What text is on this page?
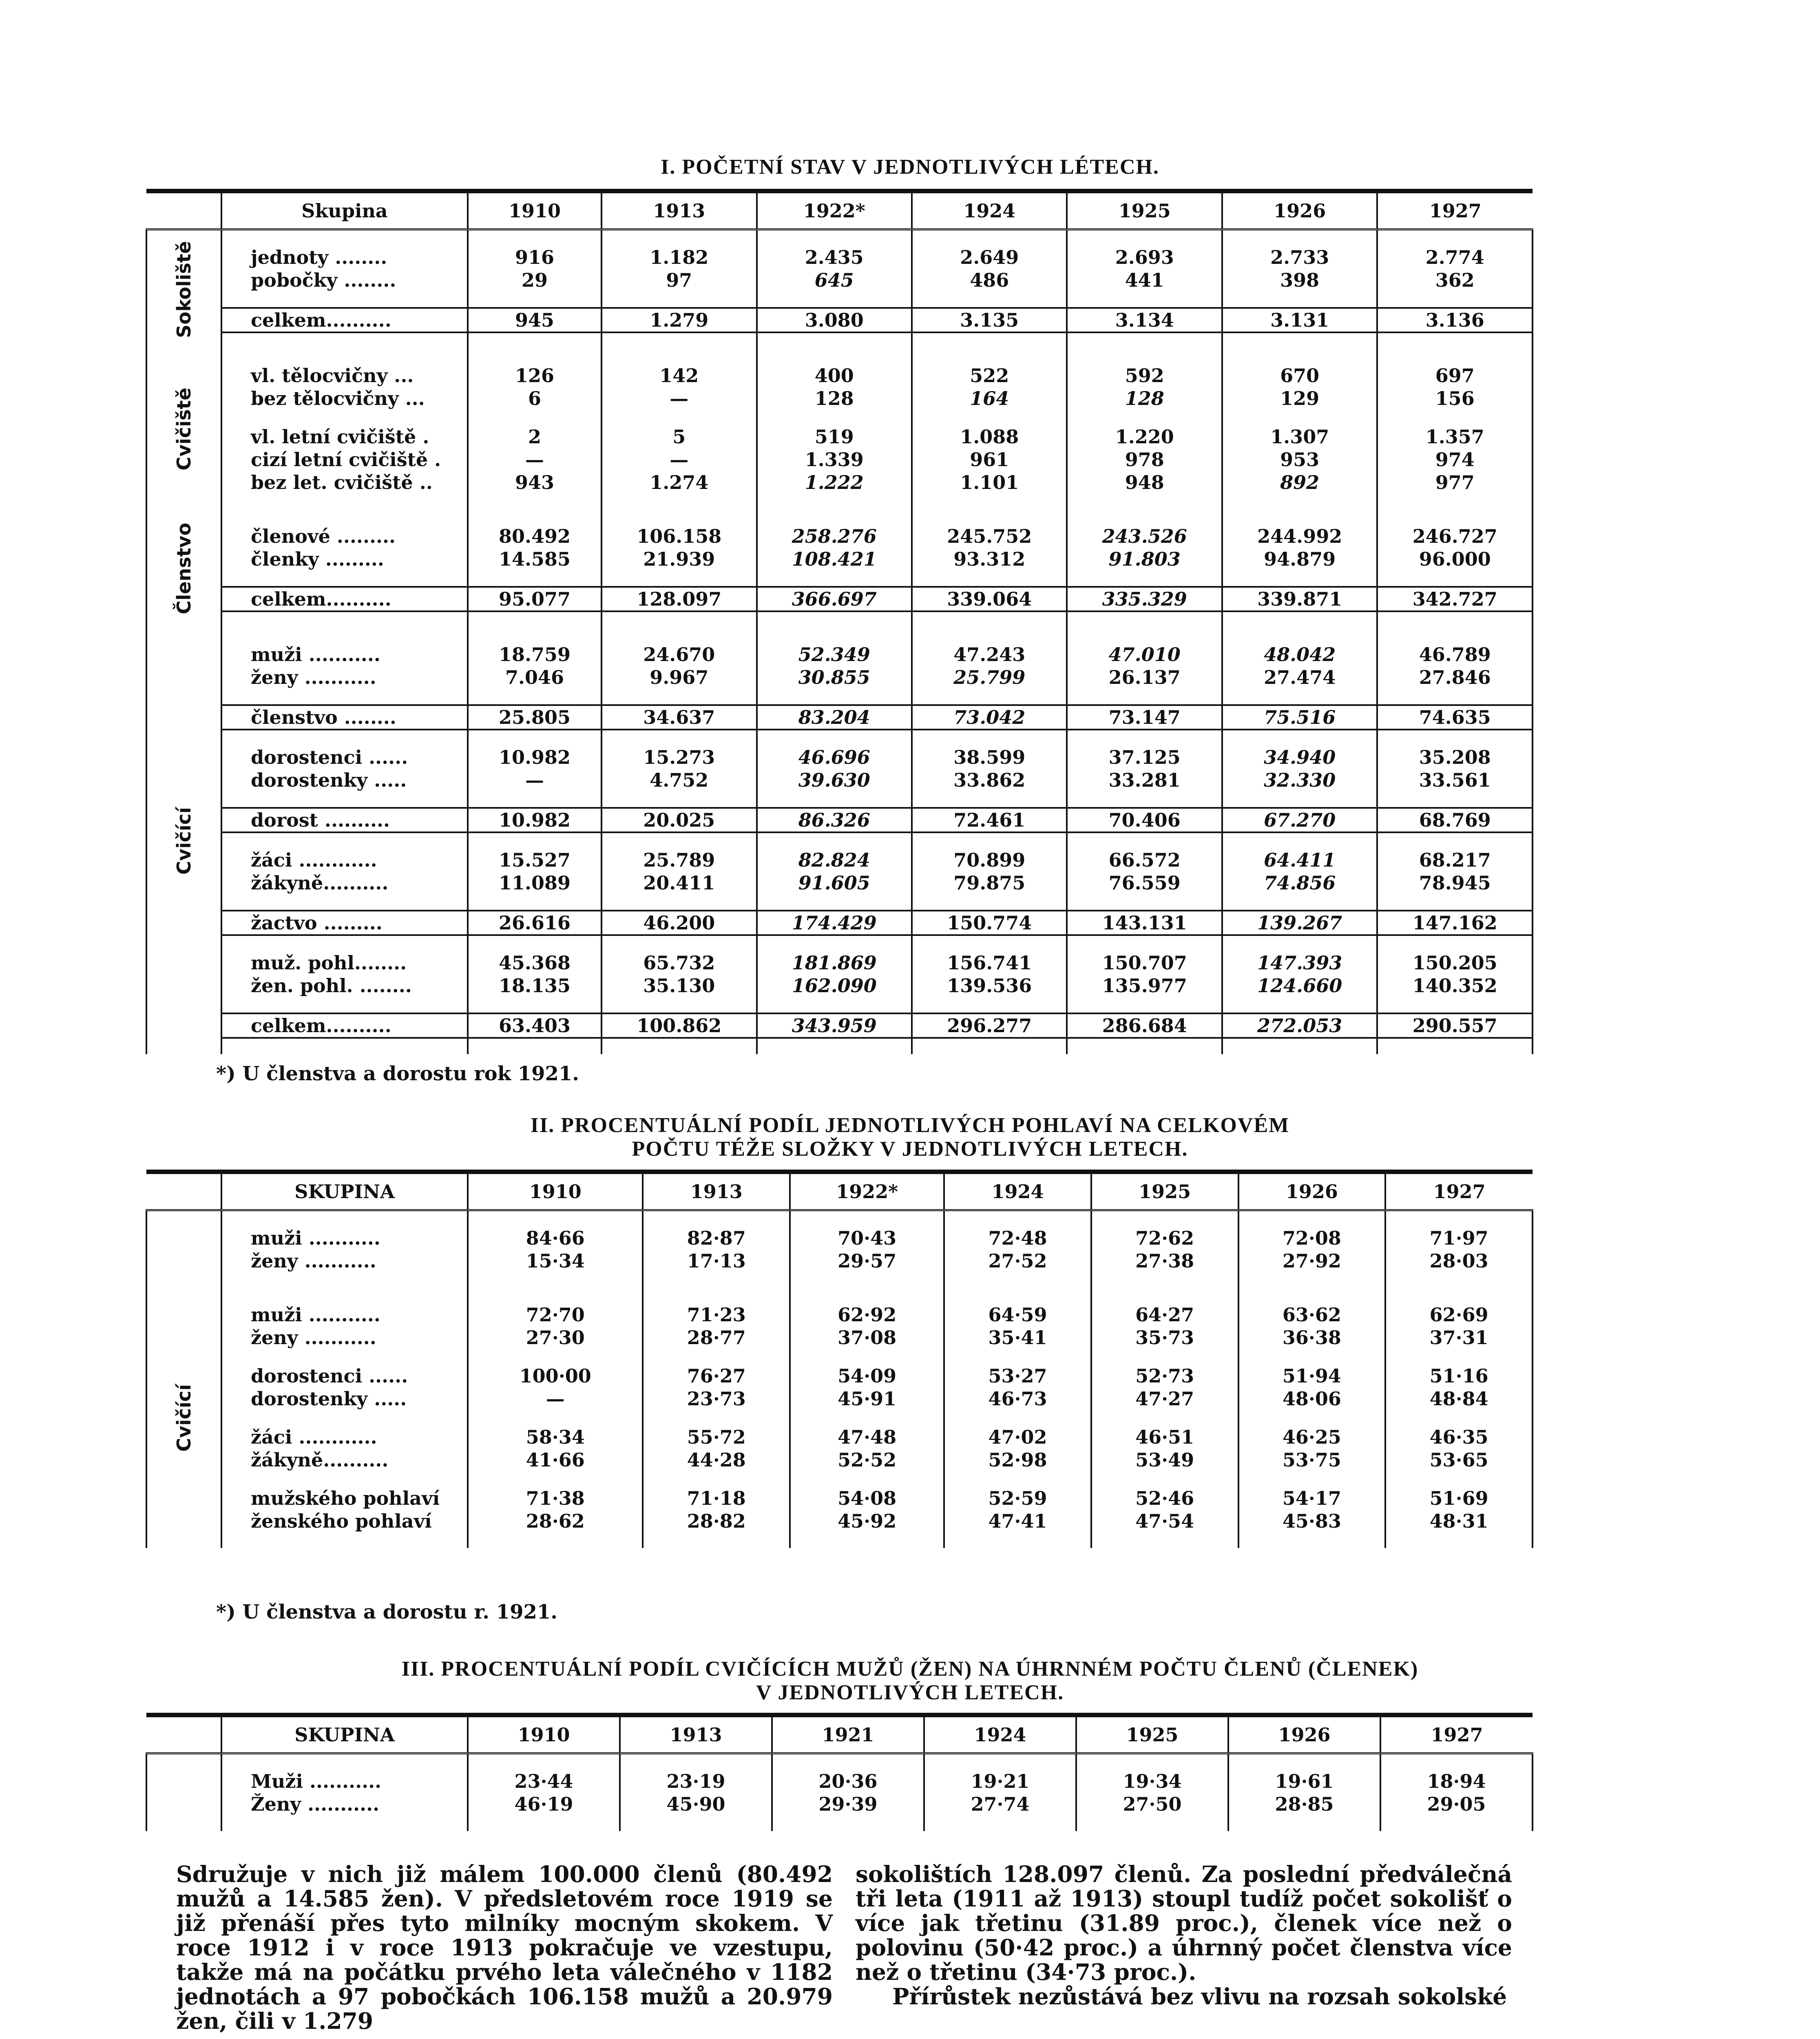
I. POČETNÍ STAV V JEDNOTLIVÝCH LÉTECH.
	Skupina	1910	1913	1922*	1924	1925	1926	1927

Sokoliště								

	jednoty ........	916	1.182	2.435	2.649	2.693	2.733	2.774
	pobočky ........	29	97	645	486	441	398	362

	celkem..........	945	1.279	3.080	3.135	3.134	3.131	3.136

Cvičiště								

	vl. tělocvičny ...	126	142	400	522	592	670	697
	bez tělocvičny ...	6	—	128	164	128	129	156

	vl. letní cvičiště .	2	5	519	1.088	1.220	1.307	1.357
	cizí letní cvičiště .	—	—	1.339	961	978	953	974
	bez let. cvičiště ..	943	1.274	1.222	1.101	948	892	977

Členstvo								

	členové .........	80.492	106.158	258.276	245.752	243.526	244.992	246.727
	členky .........	14.585	21.939	108.421	93.312	91.803	94.879	96.000

	celkem..........	95.077	128.097	366.697	339.064	335.329	339.871	342.727

Cvičící								

	muži ...........	18.759	24.670	52.349	47.243	47.010	48.042	46.789
	ženy ...........	7.046	9.967	30.855	25.799	26.137	27.474	27.846

	členstvo ........	25.805	34.637	83.204	73.042	73.147	75.516	74.635

	dorostenci ......	10.982	15.273	46.696	38.599	37.125	34.940	35.208
	dorostenky .....	—	4.752	39.630	33.862	33.281	32.330	33.561

	dorost ..........	10.982	20.025	86.326	72.461	70.406	67.270	68.769

	žáci ............	15.527	25.789	82.824	70.899	66.572	64.411	68.217
	žákyně..........	11.089	20.411	91.605	79.875	76.559	74.856	78.945

	žactvo .........	26.616	46.200	174.429	150.774	143.131	139.267	147.162

	muž. pohl........	45.368	65.732	181.869	156.741	150.707	147.393	150.205
	žen. pohl. ........	18.135	35.130	162.090	139.536	135.977	124.660	140.352

	celkem..........	63.403	100.862	343.959	296.277	286.684	272.053	290.557

*) U členstva a dorostu rok 1921.
II. PROCENTUÁLNÍ PODÍL JEDNOTLIVÝCH POHLAVÍ NA CELKOVÉM
POČTU TÉŽE SLOŽKY V JEDNOTLIVÝCH LETECH.
	SKUPINA	1910	1913	1922*	1924	1925	1926	1927

	muži ...........	84·66	82·87	70·43	72·48	72·62	72·08	71·97
	ženy ...........	15·34	17·13	29·57	27·52	27·38	27·92	28·03

Cvičící								

	muži ...........	72·70	71·23	62·92	64·59	64·27	63·62	62·69
	ženy ...........	27·30	28·77	37·08	35·41	35·73	36·38	37·31

	dorostenci ......	100·00	76·27	54·09	53·27	52·73	51·94	51·16
	dorostenky .....	—	23·73	45·91	46·73	47·27	48·06	48·84

	žáci ............	58·34	55·72	47·48	47·02	46·51	46·25	46·35
	žákyně..........	41·66	44·28	52·52	52·98	53·49	53·75	53·65

	mužského pohlaví	71·38	71·18	54·08	52·59	52·46	54·17	51·69
	ženského pohlaví	28·62	28·82	45·92	47·41	47·54	45·83	48·31

*) U členstva a dorostu r. 1921.
III. PROCENTUÁLNÍ PODÍL CVIČÍCÍCH MUŽŮ (ŽEN) NA ÚHRNNÉM POČTU ČLENŮ (ČLENEK)
V JEDNOTLIVÝCH LETECH.
	SKUPINA	1910	1913	1921	1924	1925	1926	1927

	Muži ...........	23·44	23·19	20·36	19·21	19·34	19·61	18·94
	Ženy ...........	46·19	45·90	29·39	27·74	27·50	28·85	29·05

Sdružuje v nich již málem 100.000 členů (80.492 mužů a 14.585 žen). V předsletovém roce 1919 se již přenáší přes tyto milníky mocným skokem. V roce 1912 i v roce 1913 pokračuje ve vzestupu, takže má na počátku prvého leta válečného v 1182 jednotách a 97 pobočkách 106.158 mužů a 20.979 žen, čili v 1.279

sokolištích 128.097 členů. Za poslední předválečná tři leta (1911 až 1913) stoupl tudíž počet sokolišť o více jak třetinu (31.89 proc.), členek více než o polovinu (50·42 proc.) a úhrnný počet členstva více než o třetinu (34·73 proc.).

Přírůstek nezůstává bez vlivu na rozsah sokolské
